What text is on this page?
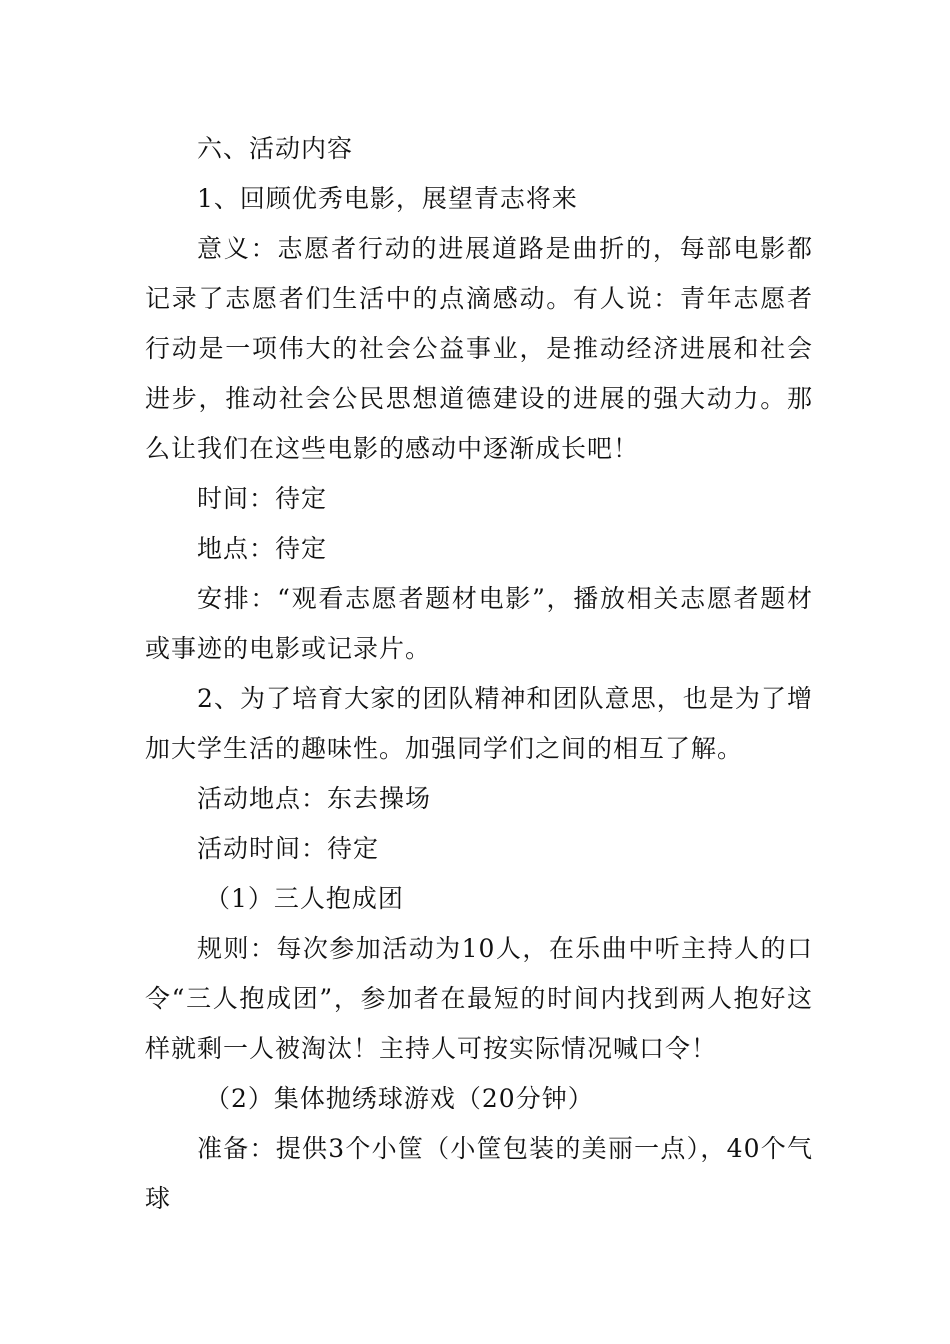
六、活动内容

1、回顾优秀电影，展望青志将来

意义：志愿者行动的进展道路是曲折的，每部电影都记录了志愿者们生活中的点滴感动。有人说：青年志愿者行动是一项伟大的社会公益事业，是推动经济进展和社会进步，推动社会公民思想道德建设的进展的强大动力。那么让我们在这些电影的感动中逐渐成长吧！

时间：待定

地点：待定

安排：“观看志愿者题材电影”，播放相关志愿者题材或事迹的电影或记录片。

2、为了培育大家的团队精神和团队意思，也是为了增加大学生活的趣味性。加强同学们之间的相互了解。

活动地点：东去操场

活动时间：待定

（1）三人抱成团

规则：每次参加活动为10人，在乐曲中听主持人的口令“三人抱成团”，参加者在最短的时间内找到两人抱好这样就剩一人被淘汰！主持人可按实际情况喊口令！

（2）集体抛绣球游戏（20分钟）

准备：提供3个小筐（小筐包装的美丽一点），40个气球
